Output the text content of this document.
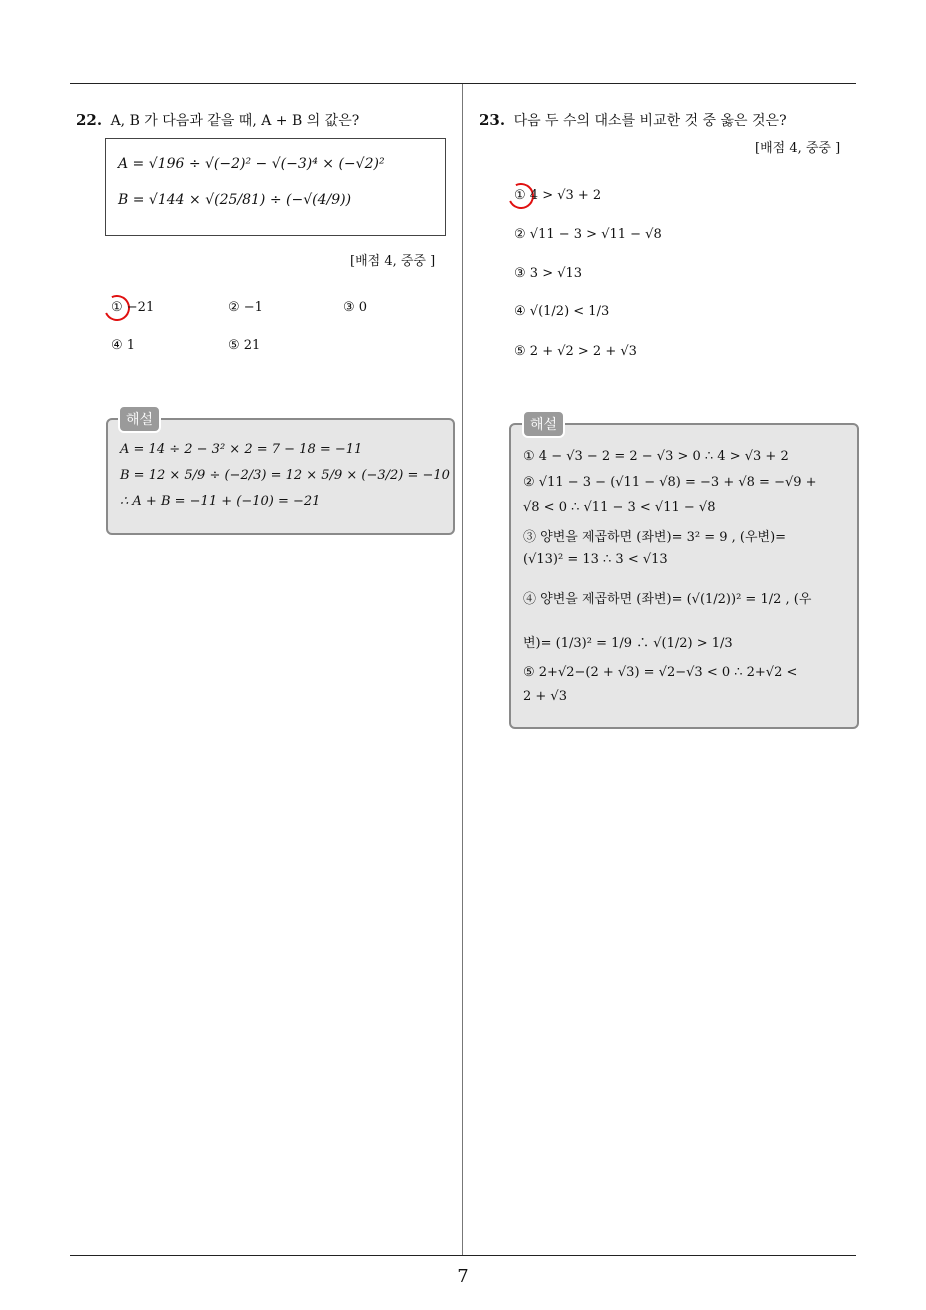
22. A, B 가 다음과 같을 때, A + B 의 값은?
A = √196 ÷ √(−2)² − √(−3)⁴ × (−√2)²
B = √144 × √(25/81) ÷ (−√(4/9))
[배점 4, 중중 ]
① −21	② −1	③ 0
④ 1	⑤ 21
A = 14 ÷ 2 − 3² × 2 = 7 − 18 = −11
B = 12 × 5/9 ÷ (−2/3) = 12 × 5/9 × (−3/2) = −10
∴ A + B = −11 + (−10) = −21
해설
23. 다음 두 수의 대소를 비교한 것 중 옳은 것은?
[배점 4, 중중 ]
① 4 > √3 + 2
② √11 − 3 > √11 − √8
③ 3 > √13
④ √(1/2) < 1/3
⑤ 2 + √2 > 2 + √3
① 4 − √3 − 2 = 2 − √3 > 0 ∴ 4 > √3 + 2
② √11 − 3 − (√11 − √8) = −3 + √8 = −√9 +
√8 < 0 ∴ √11 − 3 < √11 − √8
③ 양변을 제곱하면 (좌변)= 3² = 9 , (우변)=
(√13)² = 13 ∴ 3 < √13
④ 양변을 제곱하면 (좌변)= (√(1/2))² = 1/2 , (우
변)= (1/3)² = 1/9 ∴ √(1/2) > 1/3
⑤ 2+√2−(2 + √3) = √2−√3 < 0 ∴ 2+√2 <
2 + √3
해설
7
